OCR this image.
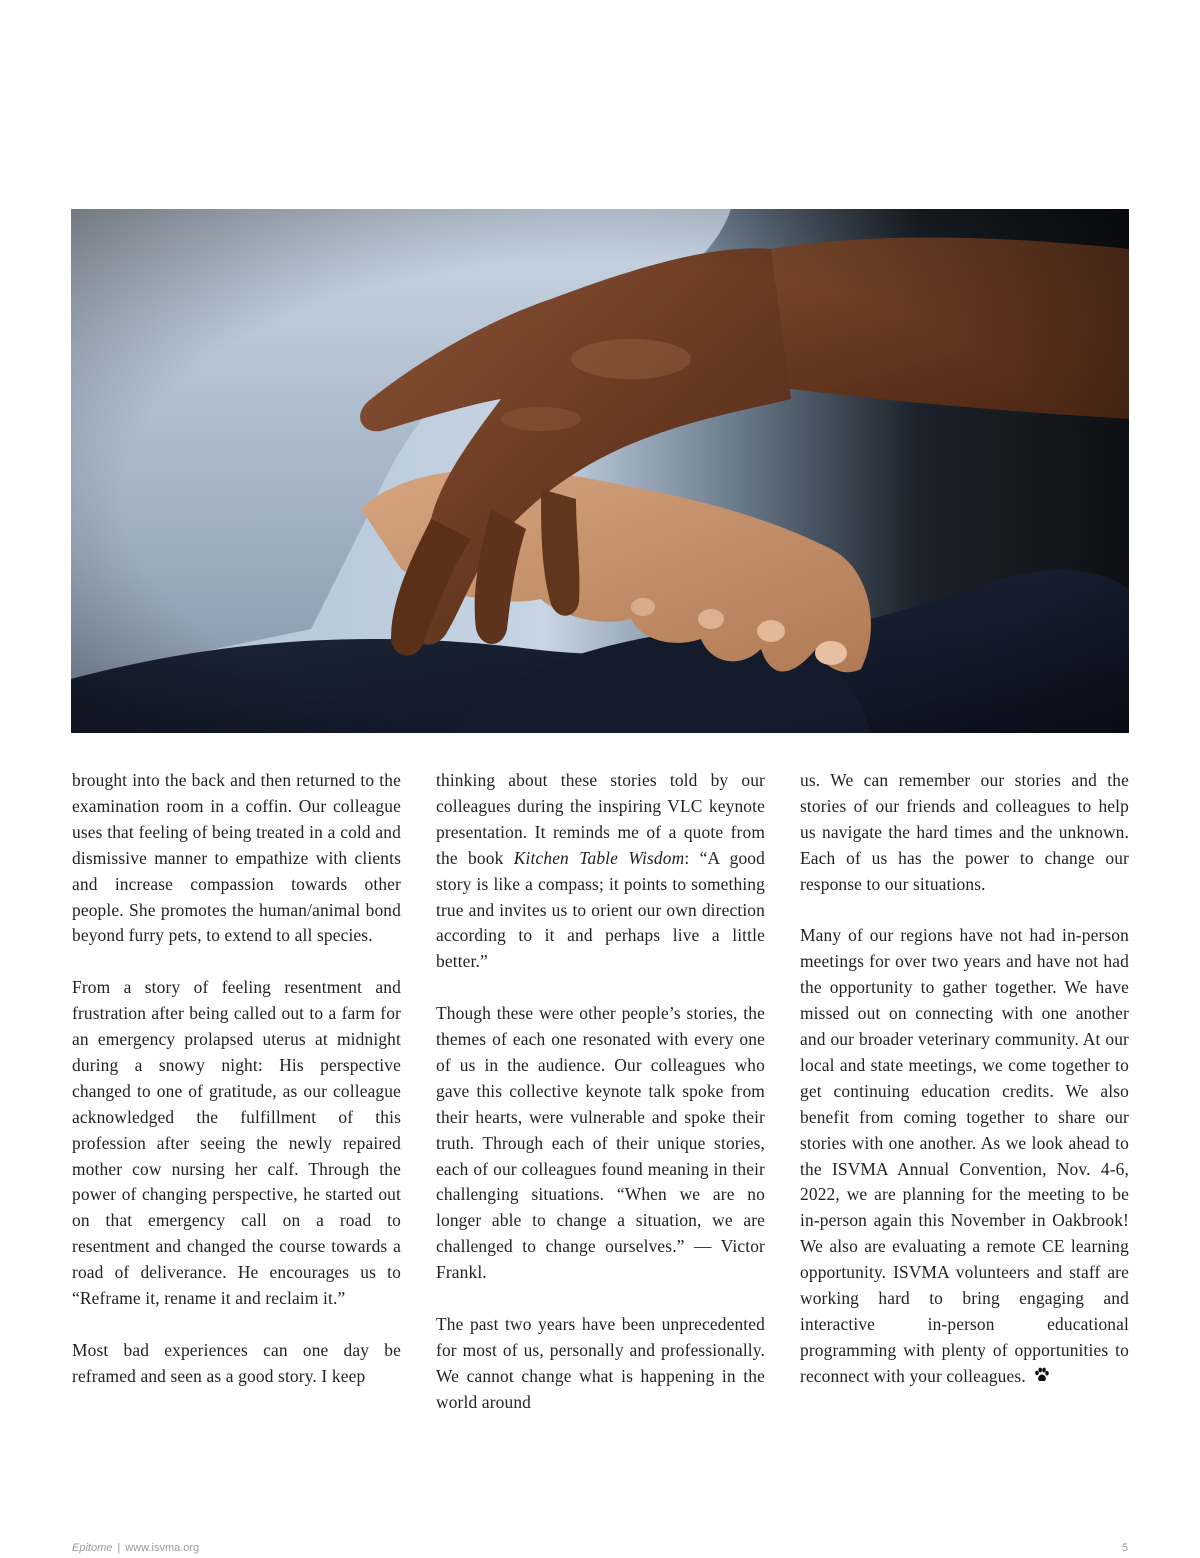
brought into the back and then returned to the examination room in a coffin. Our colleague uses that feeling of being treated in a cold and dismissive manner to empathize with clients and increase compassion towards other people. She promotes the human/animal bond beyond furry pets, to extend to all species.

From a story of feeling resentment and frustration after being called out to a farm for an emergency prolapsed uterus at midnight during a snowy night: His perspective changed to one of gratitude, as our colleague acknowledged the fulfillment of this profession after seeing the newly repaired mother cow nursing her calf. Through the power of changing perspective, he started out on that emergency call on a road to resentment and changed the course towards a road of deliverance. He encourages us to “Reframe it, rename it and reclaim it.”

Most bad experiences can one day be reframed and seen as a good story. I keep

thinking about these stories told by our colleagues during the inspiring VLC keynote presentation. It reminds me of a quote from the book Kitchen Table Wisdom: “A good story is like a compass; it points to something true and invites us to orient our own direction according to it and perhaps live a little better.”

Though these were other people’s stories, the themes of each one resonated with every one of us in the audience. Our colleagues who gave this collective keynote talk spoke from their hearts, were vulnerable and spoke their truth. Through each of their unique stories, each of our colleagues found meaning in their challenging situations. “When we are no longer able to change a situation, we are challenged to change ourselves.” — Victor Frankl.

The past two years have been unprecedented for most of us, personally and professionally. We cannot change what is happening in the world around

us. We can remember our stories and the stories of our friends and colleagues to help us navigate the hard times and the unknown. Each of us has the power to change our response to our situations.

Many of our regions have not had in-person meetings for over two years and have not had the opportunity to gather together. We have missed out on connecting with one another and our broader veterinary community. At our local and state meetings, we come together to get continuing education credits. We also benefit from coming together to share our stories with one another. As we look ahead to the ISVMA Annual Convention, Nov. 4-6, 2022, we are planning for the meeting to be in-person again this November in Oakbrook! We also are evaluating a remote CE learning opportunity. ISVMA volunteers and staff are working hard to bring engaging and interactive in-person educational programming with plenty of opportunities to reconnect with your colleagues.

Epitome | www.isvma.org	5
